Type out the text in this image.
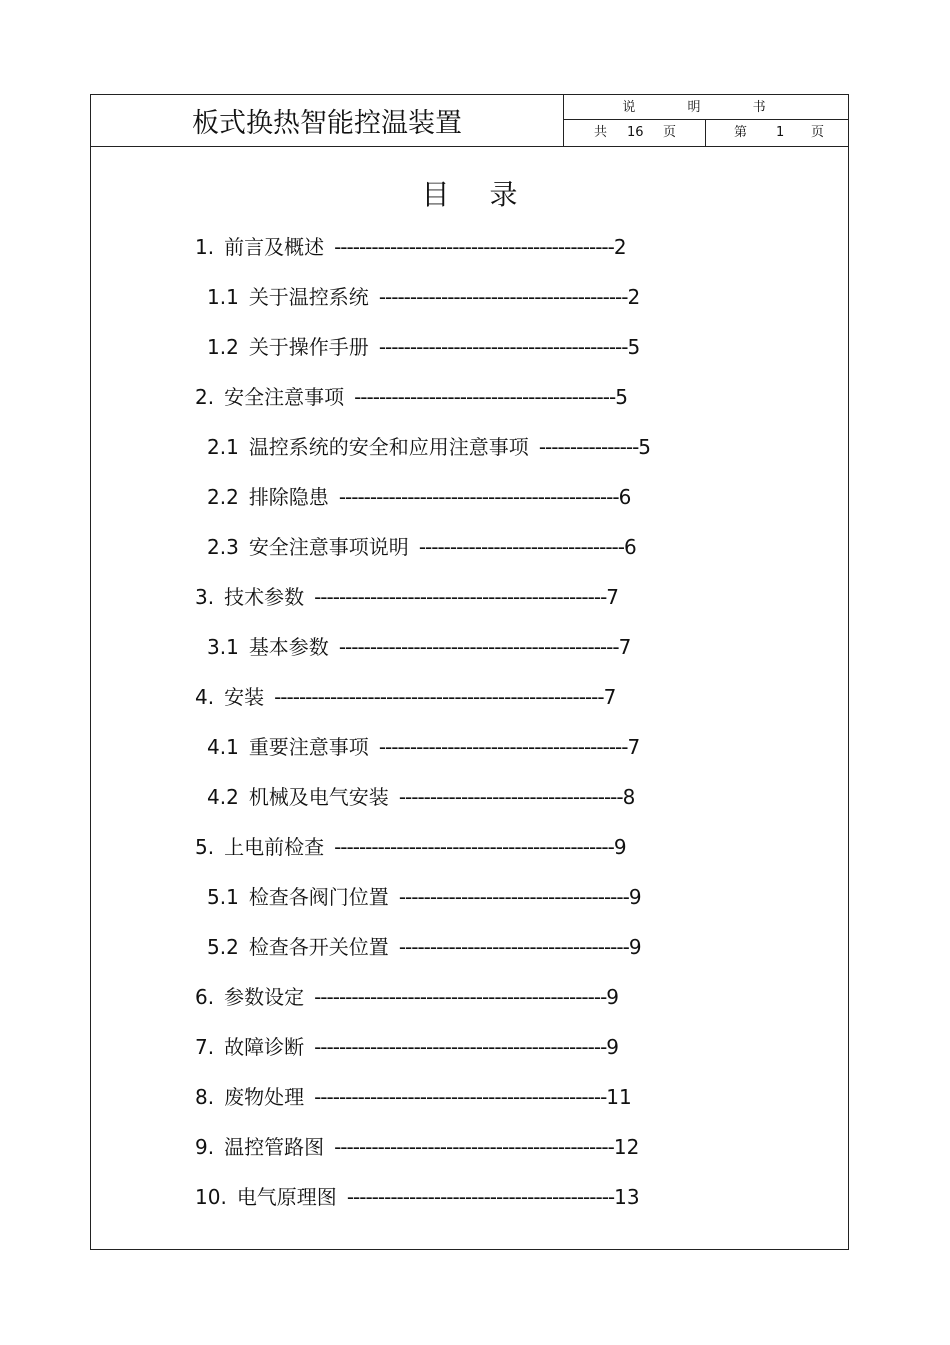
板式换热智能控温装置
说 明 书
共 16 页	第 1 页
目录
1. 前言及概述 ---------------------------------------------2
1.1 关于温控系统 ----------------------------------------2
1.2 关于操作手册 ----------------------------------------5
2. 安全注意事项 ------------------------------------------5
2.1 温控系统的安全和应用注意事项 ----------------5
2.2 排除隐患 ---------------------------------------------6
2.3 安全注意事项说明 ---------------------------------6
3. 技术参数 -----------------------------------------------7
3.1 基本参数 ---------------------------------------------7
4. 安装 -----------------------------------------------------7
4.1 重要注意事项 ----------------------------------------7
4.2 机械及电气安装 ------------------------------------8
5. 上电前检查 ---------------------------------------------9
5.1 检查各阀门位置 -------------------------------------9
5.2 检查各开关位置 -------------------------------------9
6. 参数设定 -----------------------------------------------9
7. 故障诊断 -----------------------------------------------9
8. 废物处理 -----------------------------------------------11
9. 温控管路图 ---------------------------------------------12
10. 电气原理图 -------------------------------------------13
